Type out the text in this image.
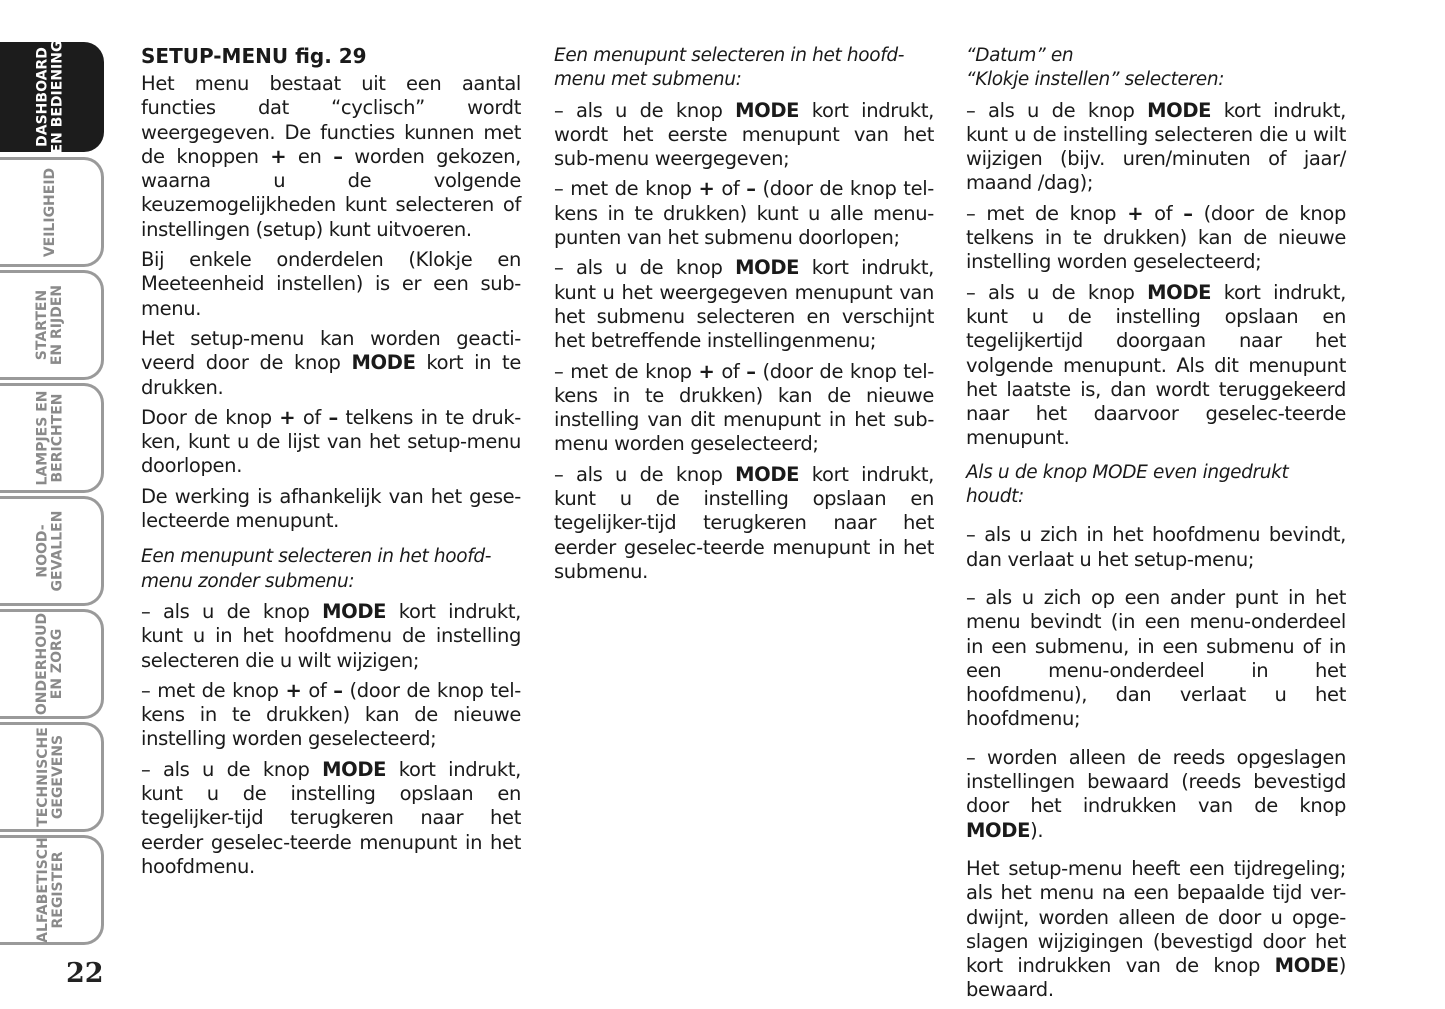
DASHBOARD EN BEDIENING
VEILIGHEID
STARTEN EN RIJDEN
LAMPJES EN BERICHTEN
NOOD- GEVALLEN
ONDERHOUD EN ZORG
TECHNISCHE GEGEVENS
ALFABETISCH REGISTER

22

SETUP-MENU fig. 29

Het menu bestaat uit een aantal functies dat “cyclisch” wordt weergegeven. De functies kunnen met de knoppen + en – worden gekozen, waarna u de volgende keuzemogelijkheden kunt selecteren of instellingen (setup) kunt uitvoeren.

Bij enkele onderdelen (Klokje en Meeteenheid instellen) is er een sub-menu.

Het setup-menu kan worden geacti-veerd door de knop MODE kort in te drukken.

Door de knop + of – telkens in te druk-ken, kunt u de lijst van het setup-menu doorlopen.

De werking is afhankelijk van het gese-lecteerde menupunt.

Een menupunt selecteren in het hoofd-menu zonder submenu:

– als u de knop MODE kort indrukt, kunt u in het hoofdmenu de instelling selecteren die u wilt wijzigen;

– met de knop + of – (door de knop tel-kens in te drukken) kan de nieuwe instelling worden geselecteerd;

– als u de knop MODE kort indrukt, kunt u de instelling opslaan en tegelijker-tijd terugkeren naar het eerder geselec-teerde menupunt in het hoofdmenu.

Een menupunt selecteren in het hoofd-menu met submenu:

– als u de knop MODE kort indrukt, wordt het eerste menupunt van het sub-menu weergegeven;

– met de knop + of – (door de knop tel-kens in te drukken) kunt u alle menu-punten van het submenu doorlopen;

– als u de knop MODE kort indrukt, kunt u het weergegeven menupunt van het submenu selecteren en verschijnt het betreffende instellingenmenu;

– met de knop + of – (door de knop tel-kens in te drukken) kan de nieuwe instelling van dit menupunt in het sub-menu worden geselecteerd;

– als u de knop MODE kort indrukt, kunt u de instelling opslaan en tegelijker-tijd terugkeren naar het eerder geselec-teerde menupunt in het submenu.

“Datum” en

“Klokje instellen” selecteren:

– als u de knop MODE kort indrukt, kunt u de instelling selecteren die u wilt wijzigen (bijv. uren/minuten of jaar/ maand /dag);

– met de knop + of – (door de knop telkens in te drukken) kan de nieuwe instelling worden geselecteerd;

– als u de knop MODE kort indrukt, kunt u de instelling opslaan en tegelijkertijd doorgaan naar het volgende menupunt. Als dit menupunt het laatste is, dan wordt teruggekeerd naar het daarvoor geselec-teerde menupunt.

Als u de knop MODE even ingedrukt houdt:

– als u zich in het hoofdmenu bevindt, dan verlaat u het setup-menu;

– als u zich op een ander punt in het menu bevindt (in een menu-onderdeel in een submenu, in een submenu of in een menu-onderdeel in het hoofdmenu), dan verlaat u het hoofdmenu;

– worden alleen de reeds opgeslagen instellingen bewaard (reeds bevestigd door het indrukken van de knop MODE).

Het setup-menu heeft een tijdregeling; als het menu na een bepaalde tijd ver-dwijnt, worden alleen de door u opge-slagen wijzigingen (bevestigd door het kort indrukken van de knop MODE) bewaard.
